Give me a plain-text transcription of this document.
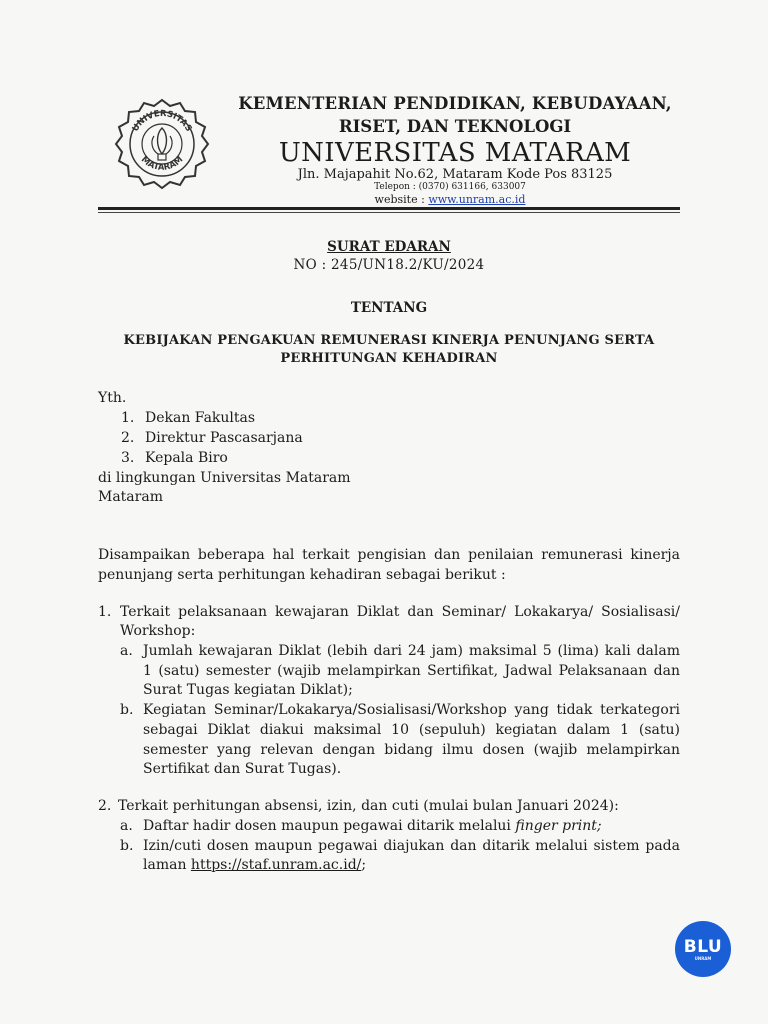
UNIVERSITAS
MATARAM
KEMENTERIAN PENDIDIKAN, KEBUDAYAAN,
RISET, DAN TEKNOLOGI
UNIVERSITAS MATARAM
Jln. Majapahit No.62, Mataram Kode Pos 83125
Telepon : (0370) 631166, 633007
website : www.unram.ac.id
SURAT EDARAN
NO : 245/UN18.2/KU/2024
TENTANG
KEBIJAKAN PENGAKUAN REMUNERASI KINERJA PENUNJANG SERTA
PERHITUNGAN KEHADIRAN
Yth.
1. Dekan Fakultas
2. Direktur Pascasarjana
3. Kepala Biro
di lingkungan Universitas Mataram
Mataram
Disampaikan beberapa hal terkait pengisian dan penilaian remunerasi kinerja
penunjang serta perhitungan kehadiran sebagai berikut :
1. Terkait pelaksanaan kewajaran Diklat dan Seminar/ Lokakarya/ Sosialisasi/
Workshop:
a. Jumlah kewajaran Diklat (lebih dari 24 jam) maksimal 5 (lima) kali dalam
1 (satu) semester (wajib melampirkan Sertifikat, Jadwal Pelaksanaan dan
Surat Tugas kegiatan Diklat);
b. Kegiatan Seminar/Lokakarya/Sosialisasi/Workshop yang tidak terkategori
sebagai Diklat diakui maksimal 10 (sepuluh) kegiatan dalam 1 (satu)
semester yang relevan dengan bidang ilmu dosen (wajib melampirkan
Sertifikat dan Surat Tugas).
2. Terkait perhitungan absensi, izin, dan cuti (mulai bulan Januari 2024):
a. Daftar hadir dosen maupun pegawai ditarik melalui finger print;
b. Izin/cuti dosen maupun pegawai diajukan dan ditarik melalui sistem pada
laman https://staf.unram.ac.id/;
BLU
UNRAM
